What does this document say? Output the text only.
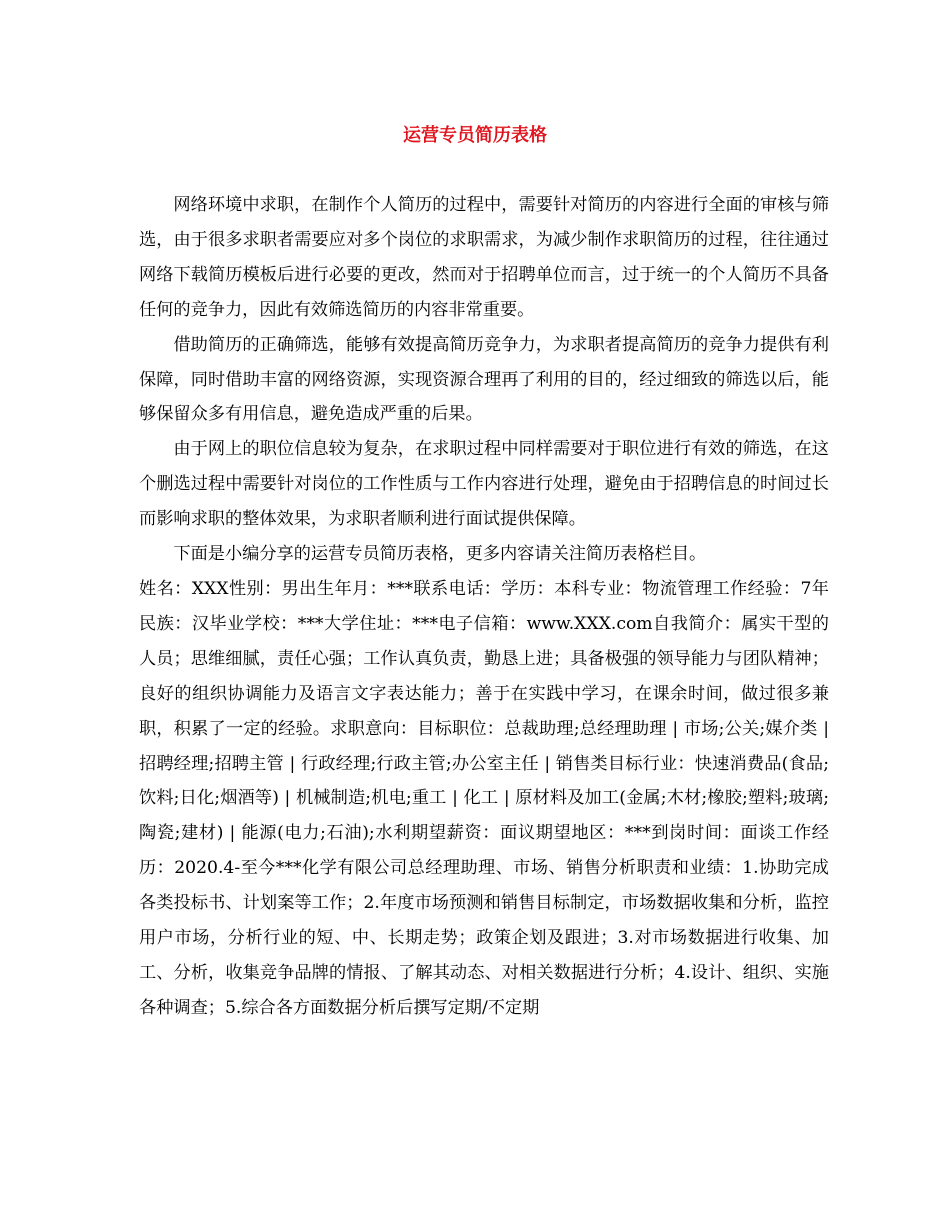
运营专员简历表格

网络环境中求职，在制作个人简历的过程中，需要针对简历的内容进行全面的审核与筛选，由于很多求职者需要应对多个岗位的求职需求，为减少制作求职简历的过程，往往通过网络下载简历模板后进行必要的更改，然而对于招聘单位而言，过于统一的个人简历不具备任何的竞争力，因此有效筛选简历的内容非常重要。

借助简历的正确筛选，能够有效提高简历竞争力，为求职者提高简历的竞争力提供有利保障，同时借助丰富的网络资源，实现资源合理再了利用的目的，经过细致的筛选以后，能够保留众多有用信息，避免造成严重的后果。

由于网上的职位信息较为复杂，在求职过程中同样需要对于职位进行有效的筛选，在这个删选过程中需要针对岗位的工作性质与工作内容进行处理，避免由于招聘信息的时间过长而影响求职的整体效果，为求职者顺利进行面试提供保障。

下面是小编分享的运营专员简历表格，更多内容请关注简历表格栏目。

姓名：XXX性别：男出生年月：***联系电话：学历：本科专业：物流管理工作经验：7年民族：汉毕业学校：***大学住址：***电子信箱：www.XXX.com自我简介：属实干型的人员；思维细腻，责任心强；工作认真负责，勤恳上进；具备极强的领导能力与团队精神；良好的组织协调能力及语言文字表达能力；善于在实践中学习，在课余时间，做过很多兼职，积累了一定的经验。求职意向：目标职位：总裁助理;总经理助理 | 市场;公关;媒介类 | 招聘经理;招聘主管 | 行政经理;行政主管;办公室主任 | 销售类目标行业：快速消费品(食品;饮料;日化;烟酒等) | 机械制造;机电;重工 | 化工 | 原材料及加工(金属;木材;橡胶;塑料;玻璃;陶瓷;建材) | 能源(电力;石油);水利期望薪资：面议期望地区：***到岗时间：面谈工作经历：2020.4-至今***化学有限公司总经理助理、市场、销售分析职责和业绩：1.协助完成各类投标书、计划案等工作；2.年度市场预测和销售目标制定，市场数据收集和分析，监控用户市场，分析行业的短、中、长期走势；政策企划及跟进；3.对市场数据进行收集、加工、分析，收集竞争品牌的情报、了解其动态、对相关数据进行分析；4.设计、组织、实施各种调查；5.综合各方面数据分析后撰写定期/不定期
